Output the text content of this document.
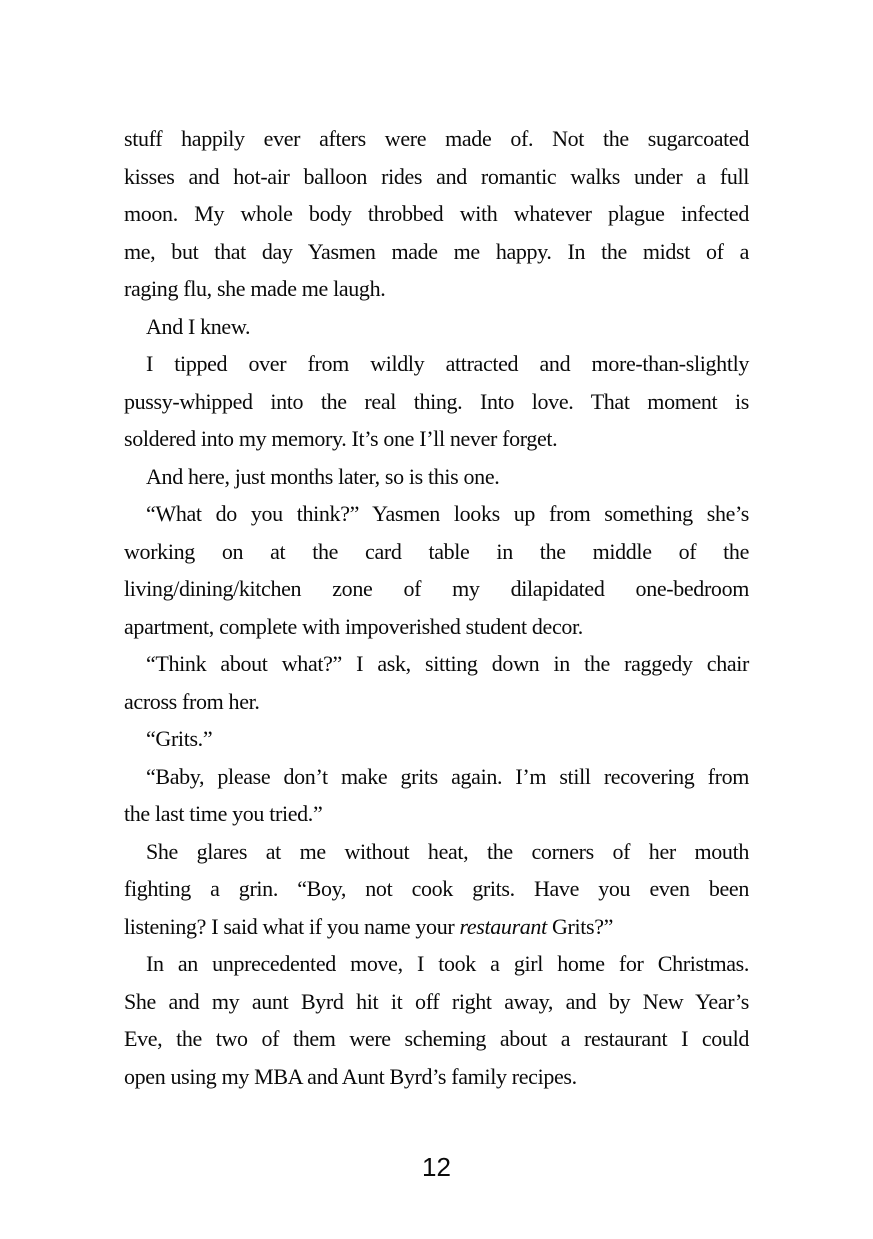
stuff happily ever afters were made of. Not the sugarcoated
kisses and hot-air balloon rides and romantic walks under a full
moon. My whole body throbbed with whatever plague infected
me, but that day Yasmen made me happy. In the midst of a
raging flu, she made me laugh.
And I knew.
I tipped over from wildly attracted and more-than-slightly
pussy-whipped into the real thing. Into love. That moment is
soldered into my memory. It’s one I’ll never forget.
And here, just months later, so is this one.
“What do you think?” Yasmen looks up from something she’s
working on at the card table in the middle of the
living/dining/kitchen zone of my dilapidated one-bedroom
apartment, complete with impoverished student decor.
“Think about what?” I ask, sitting down in the raggedy chair
across from her.
“Grits.”
“Baby, please don’t make grits again. I’m still recovering from
the last time you tried.”
She glares at me without heat, the corners of her mouth
fighting a grin. “Boy, not cook grits. Have you even been
listening? I said what if you name your restaurant Grits?”
In an unprecedented move, I took a girl home for Christmas.
She and my aunt Byrd hit it off right away, and by New Year’s
Eve, the two of them were scheming about a restaurant I could
open using my MBA and Aunt Byrd’s family recipes.
12
